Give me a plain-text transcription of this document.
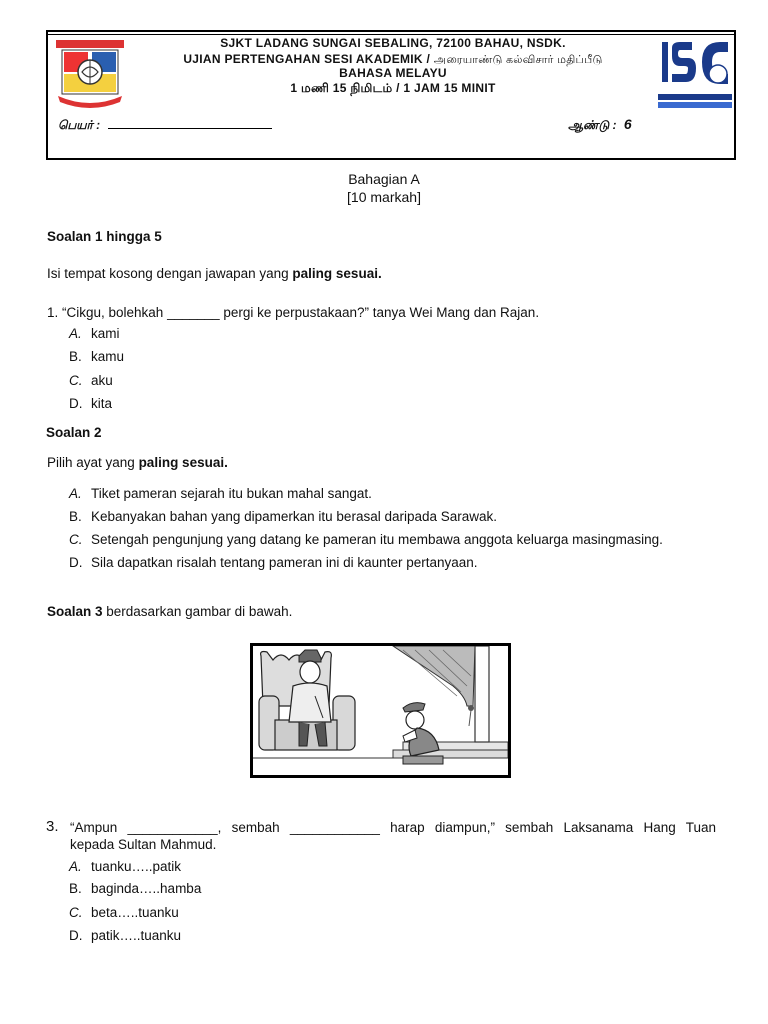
SJKT LADANG SUNGAI SEBALING, 72100 BAHAU, NSDK.
UJIAN PERTENGAHAN SESI AKADEMIK / அரையாண்டு கல்விசார் மதிப்பீடு
BAHASA MELAYU
1 மணி 15 நிமிடம் / 1 JAM 15 MINIT
பெயர் :	ஆண்டு : 6
Bahagian A
[10 markah]
Soalan 1 hingga 5
Isi tempat kosong dengan jawapan yang paling sesuai.
1. “Cikgu, bolehkah _______ pergi ke perpustakaan?” tanya Wei Mang dan Rajan.
A. kami
B. kamu
C. aku
D. kita
Soalan 2
Pilih ayat yang paling sesuai.
A. Tiket pameran sejarah itu bukan mahal sangat.
B. Kebanyakan bahan yang dipamerkan itu berasal daripada Sarawak.
C. Setengah pengunjung yang datang ke pameran itu membawa anggota keluarga masingmasing.
D. Sila dapatkan risalah tentang pameran ini di kaunter pertanyaan.
Soalan 3 berdasarkan gambar di bawah.
3. “Ampun ____________, sembah ____________ harap diampun,” sembah Laksanama Hang Tuan
kepada Sultan Mahmud.
A. tuanku…..patik
B. baginda…..hamba
C. beta…..tuanku
D. patik…..tuanku
